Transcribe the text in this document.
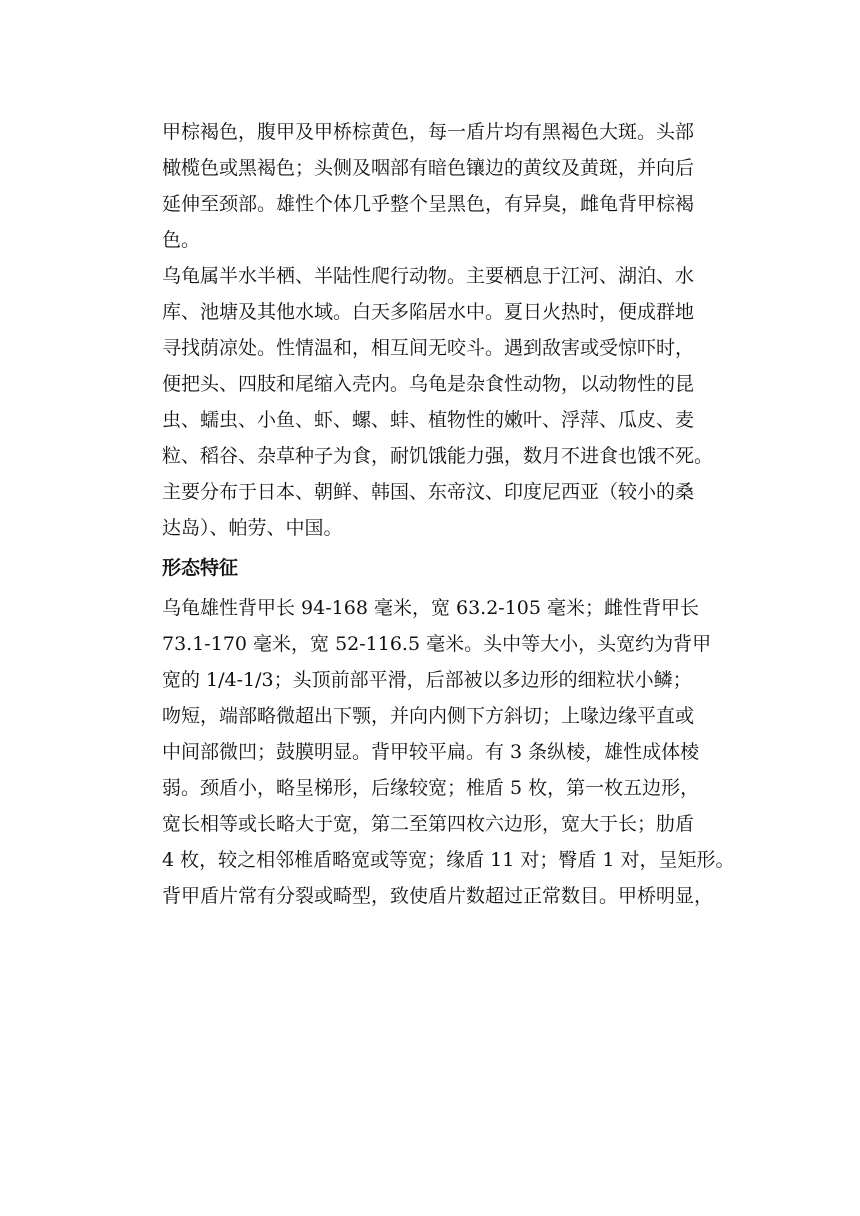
甲棕褐色，腹甲及甲桥棕黄色，每一盾片均有黑褐色大斑。头部
橄榄色或黑褐色；头侧及咽部有暗色镶边的黄纹及黄斑，并向后
延伸至颈部。雄性个体几乎整个呈黑色，有异臭，雌龟背甲棕褐
色。
乌龟属半水半栖、半陆性爬行动物。主要栖息于江河、湖泊、水
库、池塘及其他水域。白天多陷居水中。夏日火热时，便成群地
寻找荫凉处。性情温和，相互间无咬斗。遇到敌害或受惊吓时，
便把头、四肢和尾缩入壳内。乌龟是杂食性动物，以动物性的昆
虫、蠕虫、小鱼、虾、螺、蚌、植物性的嫩叶、浮萍、瓜皮、麦
粒、稻谷、杂草种子为食，耐饥饿能力强，数月不进食也饿不死。
主要分布于日本、朝鲜、韩国、东帝汶、印度尼西亚（较小的桑
达岛）、帕劳、中国。
形态特征
乌龟雄性背甲长 94-168 毫米，宽 63.2-105 毫米；雌性背甲长
73.1-170 毫米，宽 52-116.5 毫米。头中等大小，头宽约为背甲
宽的 1/4-1/3；头顶前部平滑，后部被以多边形的细粒状小鳞；
吻短，端部略微超出下颚，并向内侧下方斜切；上喙边缘平直或
中间部微凹；鼓膜明显。背甲较平扁。有 3 条纵棱，雄性成体棱
弱。颈盾小，略呈梯形，后缘较宽；椎盾 5 枚，第一枚五边形，
宽长相等或长略大于宽，第二至第四枚六边形，宽大于长；肋盾
4 枚，较之相邻椎盾略宽或等宽；缘盾 11 对；臀盾 1 对，呈矩形。
背甲盾片常有分裂或畸型，致使盾片数超过正常数目。甲桥明显，
